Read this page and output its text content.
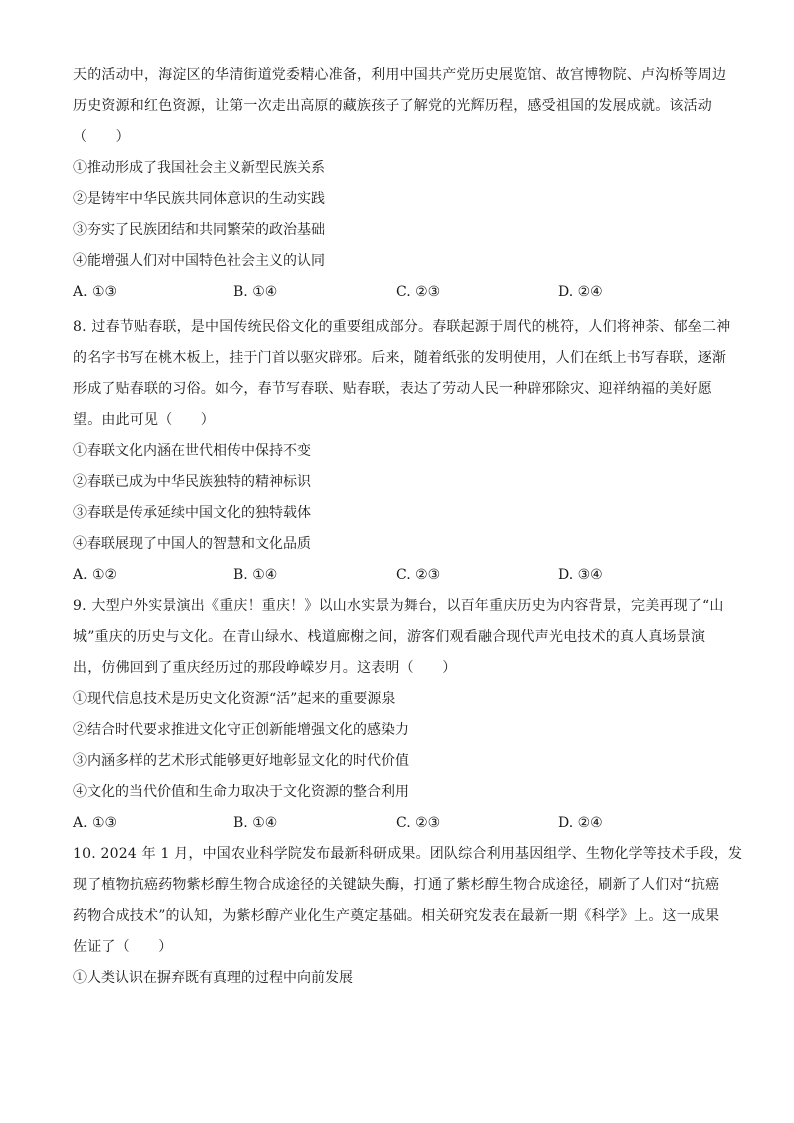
天的活动中，海淀区的华清街道党委精心准备，利用中国共产党历史展览馆、故宫博物院、卢沟桥等周边
历史资源和红色资源，让第一次走出高原的藏族孩子了解党的光辉历程，感受祖国的发展成就。该活动
（　　）
①推动形成了我国社会主义新型民族关系
②是铸牢中华民族共同体意识的生动实践
③夯实了民族团结和共同繁荣的政治基础
④能增强人们对中国特色社会主义的认同
A. ①③	B. ①④	C. ②③	D. ②④
8. 过春节贴春联，是中国传统民俗文化的重要组成部分。春联起源于周代的桃符，人们将神荼、郁垒二神
的名字书写在桃木板上，挂于门首以驱灾辟邪。后来，随着纸张的发明使用，人们在纸上书写春联，逐渐
形成了贴春联的习俗。如今，春节写春联、贴春联，表达了劳动人民一种辟邪除灾、迎祥纳福的美好愿
望。由此可见（　　）
①春联文化内涵在世代相传中保持不变
②春联已成为中华民族独特的精神标识
③春联是传承延续中国文化的独特载体
④春联展现了中国人的智慧和文化品质
A. ①②	B. ①④	C. ②③	D. ③④
9. 大型户外实景演出《重庆！重庆！》以山水实景为舞台，以百年重庆历史为内容背景，完美再现了“山
城”重庆的历史与文化。在青山绿水、栈道廊榭之间，游客们观看融合现代声光电技术的真人真场景演
出，仿佛回到了重庆经历过的那段峥嵘岁月。这表明（　　）
①现代信息技术是历史文化资源“活”起来的重要源泉
②结合时代要求推进文化守正创新能增强文化的感染力
③内涵多样的艺术形式能够更好地彰显文化的时代价值
④文化的当代价值和生命力取决于文化资源的整合利用
A. ①③	B. ①④	C. ②③	D. ②④
10. 2024 年 1 月，中国农业科学院发布最新科研成果。团队综合利用基因组学、生物化学等技术手段，发
现了植物抗癌药物紫杉醇生物合成途径的关键缺失酶，打通了紫杉醇生物合成途径，刷新了人们对“抗癌
药物合成技术”的认知，为紫杉醇产业化生产奠定基础。相关研究发表在最新一期《科学》上。这一成果
佐证了（　　）
①人类认识在摒弃既有真理的过程中向前发展
